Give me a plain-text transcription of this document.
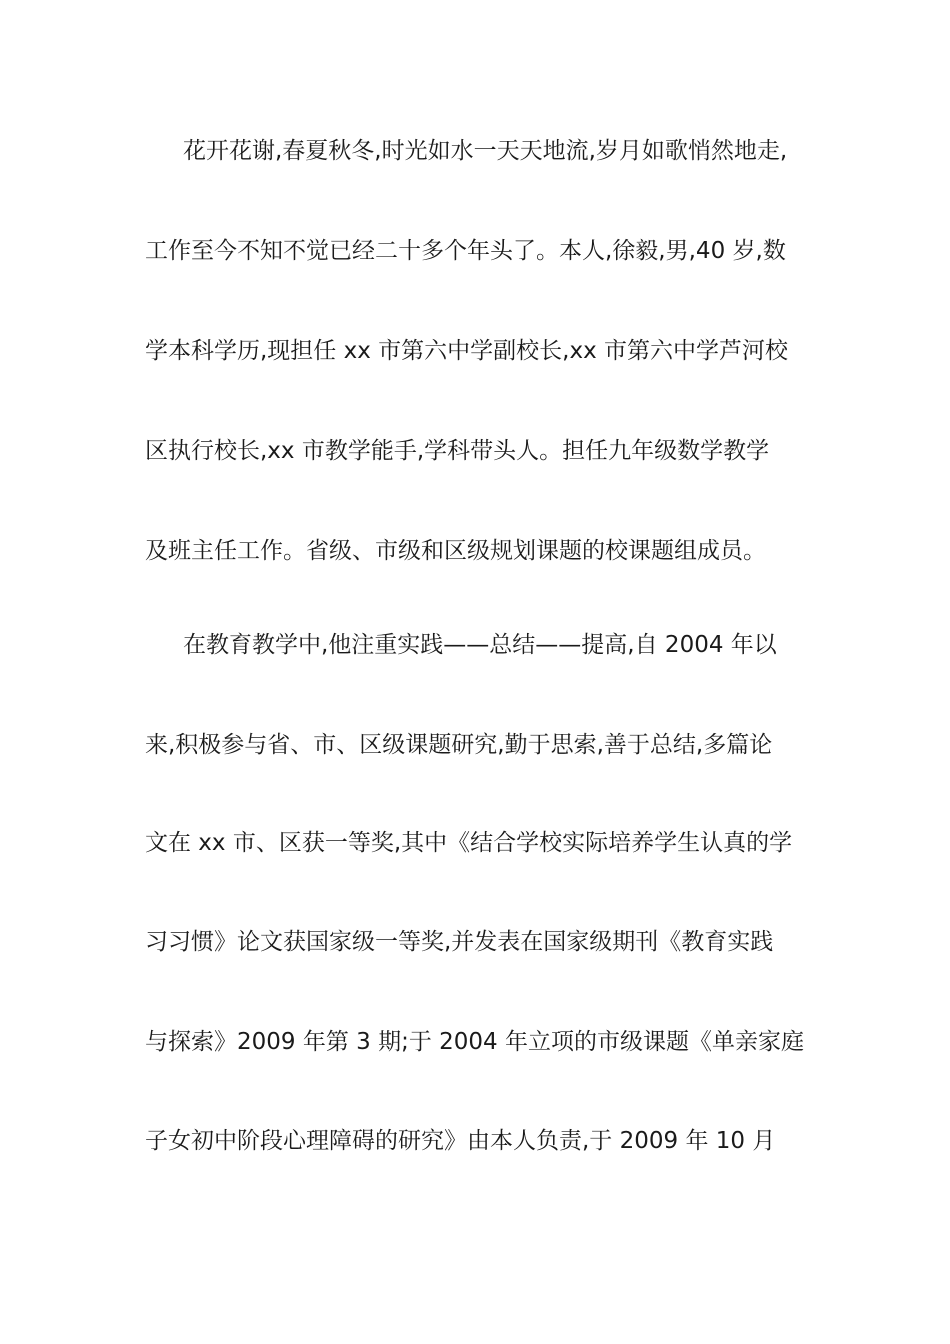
花开花谢,春夏秋冬,时光如水一天天地流,岁月如歌悄然地走,
工作至今不知不觉已经二十多个年头了。本人,徐毅,男,40 岁,数
学本科学历,现担任 xx 市第六中学副校长,xx 市第六中学芦河校
区执行校长,xx 市教学能手,学科带头人。担任九年级数学教学
及班主任工作。省级、市级和区级规划课题的校课题组成员。
在教育教学中,他注重实践——总结——提高,自 2004 年以
来,积极参与省、市、区级课题研究,勤于思索,善于总结,多篇论
文在 xx 市、区获一等奖,其中《结合学校实际培养学生认真的学
习习惯》论文获国家级一等奖,并发表在国家级期刊《教育实践
与探索》2009 年第 3 期;于 2004 年立项的市级课题《单亲家庭
子女初中阶段心理障碍的研究》由本人负责,于 2009 年 10 月
